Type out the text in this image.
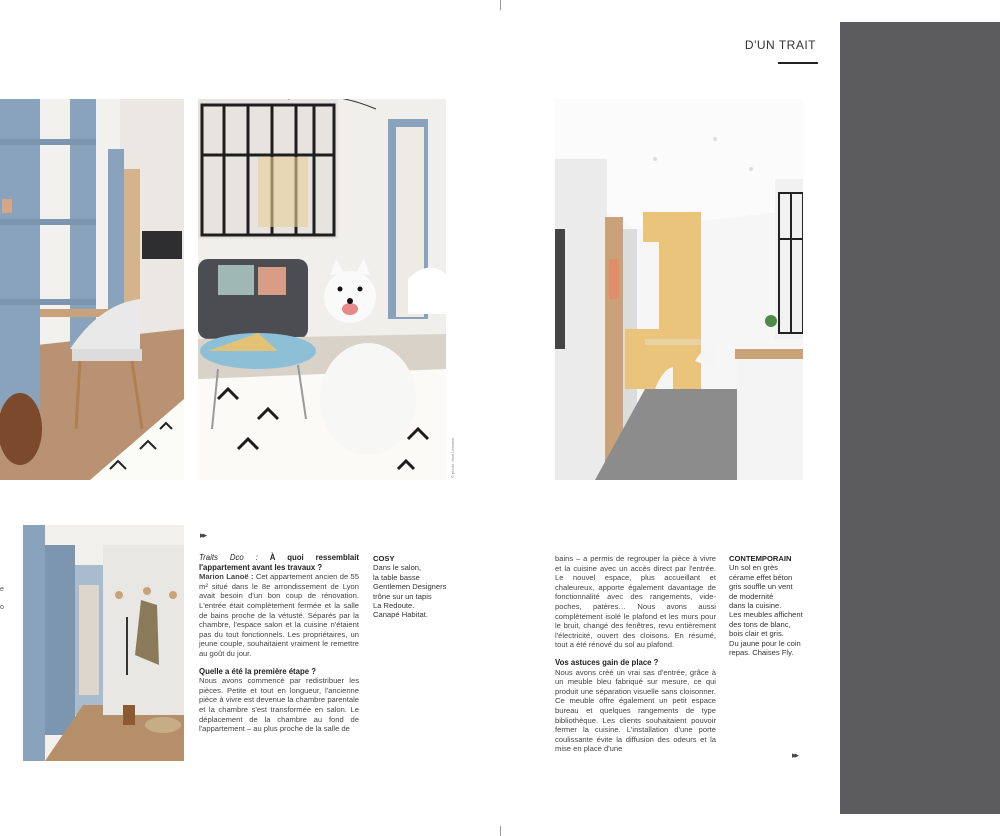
D'UN TRAIT
© photo: Mon Lemoine
e
o
▸▸
▸▸

Traits Dco : À quoi ressemblait l'appartement avant les travaux ?

Marion Lanoë : Cet appartement ancien de 55 m² situé dans le 8e arrondissement de Lyon avait besoin d'un bon coup de rénovation. L'entrée était complètement fermée et la salle de bains proche de la vétusté. Séparés par la chambre, l'espace salon et la cuisine n'étaient pas du tout fonctionnels. Les propriétaires, un jeune couple, souhaitaient vraiment le remettre au goût du jour.

Quelle a été la première étape ?

Nous avons commencé par redistribuer les pièces. Petite et tout en longueur, l'ancienne pièce à vivre est devenue la chambre parentale et la chambre s'est transformée en salon. Le déplacement de la chambre au fond de l'appartement – au plus proche de la salle de

COSY
Dans le salon,
la table basse
Gentlemen Designers
trône sur un tapis
La Redoute.
Canapé Habitat.

bains – a permis de regrouper la pièce à vivre et la cuisine avec un accès direct par l'entrée. Le nouvel espace, plus accueillant et chaleureux, apporte également davantage de fonctionnalité avec des rangements, vide-poches, patères… Nous avons aussi complètement isolé le plafond et les murs pour le bruit, changé des fenêtres, revu entièrement l'électricité, ouvert des cloisons. En résumé, tout a été rénové du sol au plafond.

Vos astuces gain de place ?

Nous avons créé un vrai sas d'entrée, grâce à un meuble bleu fabriqué sur mesure, ce qui produit une séparation visuelle sans cloisonner. Ce meuble offre également un petit espace bureau et quelques rangements de type bibliothèque. Les clients souhaitaient pouvoir fermer la cuisine. L'installation d'une porte coulissante évite la diffusion des odeurs et la mise en place d'une

CONTEMPORAIN
Un sol en grès
cérame effet béton
gris souffle un vent
de modernité
dans la cuisine.
Les meubles affichent
des tons de blanc,
bois clair et gris.
Du jaune pour le coin
repas. Chaises Fly.
